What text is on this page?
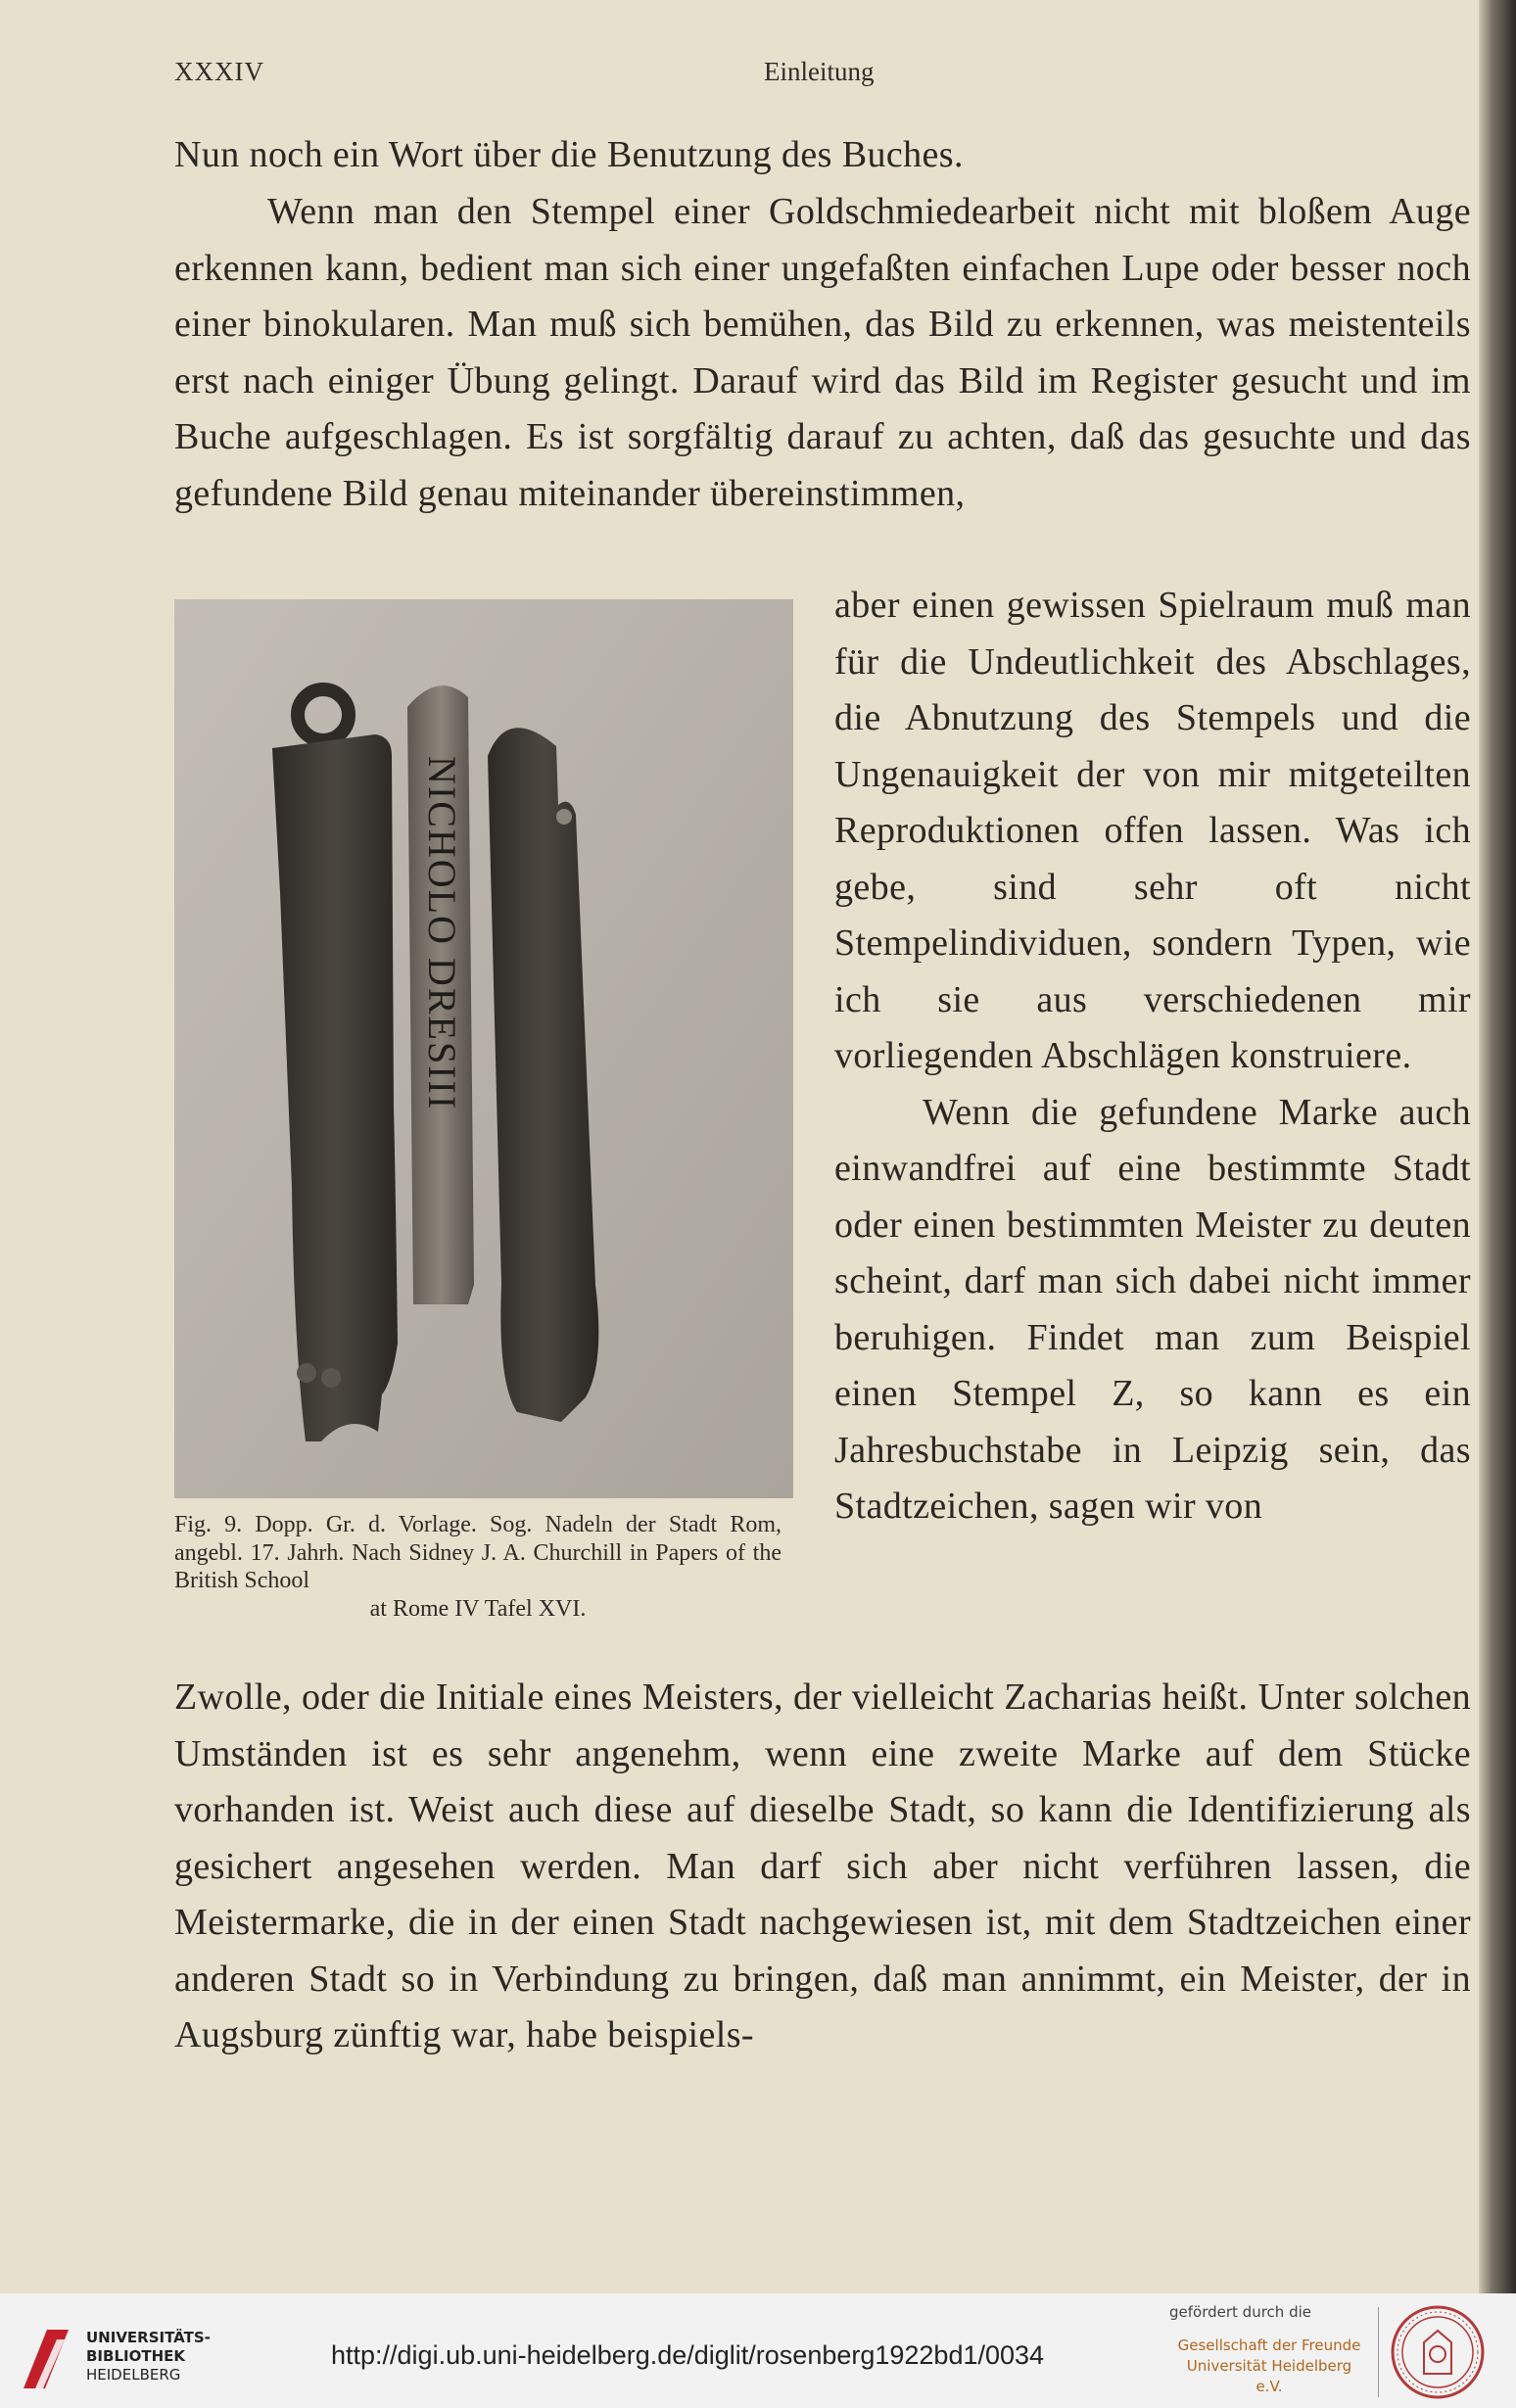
XXXIV	Einleitung
Nun noch ein Wort über die Benutzung des Buches.
Wenn man den Stempel einer Goldschmiedearbeit nicht mit bloßem Auge erkennen kann, bedient man sich einer ungefaßten einfachen Lupe oder besser noch einer binokularen. Man muß sich bemühen, das Bild zu erkennen, was meistenteils erst nach einiger Übung gelingt. Darauf wird das Bild im Register gesucht und im Buche aufgeschlagen. Es ist sorgfältig darauf zu achten, daß das gesuchte und das gefundene Bild genau miteinander übereinstimmen,
NICHOLO DRESIII
Fig. 9. Dopp. Gr. d. Vorlage. Sog. Nadeln der Stadt Rom, angebl. 17. Jahrh. Nach Sidney J. A. Churchill in Papers of the British School
at Rome IV Tafel XVI.
aber einen gewissen Spielraum muß man für die Undeutlichkeit des Abschlages, die Abnutzung des Stempels und die Ungenauigkeit der von mir mitgeteilten Reproduktionen offen lassen. Was ich gebe, sind sehr oft nicht Stempelindividuen, sondern Typen, wie ich sie aus verschiedenen mir vorliegenden Abschlägen konstruiere.
Wenn die gefundene Marke auch einwandfrei auf eine bestimmte Stadt oder einen bestimmten Meister zu deuten scheint, darf man sich dabei nicht immer beruhigen. Findet man zum Beispiel einen Stempel Z, so kann es ein Jahresbuchstabe in Leipzig sein, das Stadtzeichen, sagen wir von
Zwolle, oder die Initiale eines Meisters, der vielleicht Zacharias heißt. Unter solchen Umständen ist es sehr angenehm, wenn eine zweite Marke auf dem Stücke vorhanden ist. Weist auch diese auf dieselbe Stadt, so kann die Identifizierung als gesichert angesehen werden. Man darf sich aber nicht verführen lassen, die Meistermarke, die in der einen Stadt nachgewiesen ist, mit dem Stadtzeichen einer anderen Stadt so in Verbindung zu bringen, daß man annimmt, ein Meister, der in Augsburg zünftig war, habe beispiels-
UNIVERSITÄTS-
BIBLIOTHEK
HEIDELBERG
http://digi.ub.uni-heidelberg.de/diglit/rosenberg1922bd1/0034
gefördert durch die
Gesellschaft der Freunde
Universität Heidelberg e.V.
